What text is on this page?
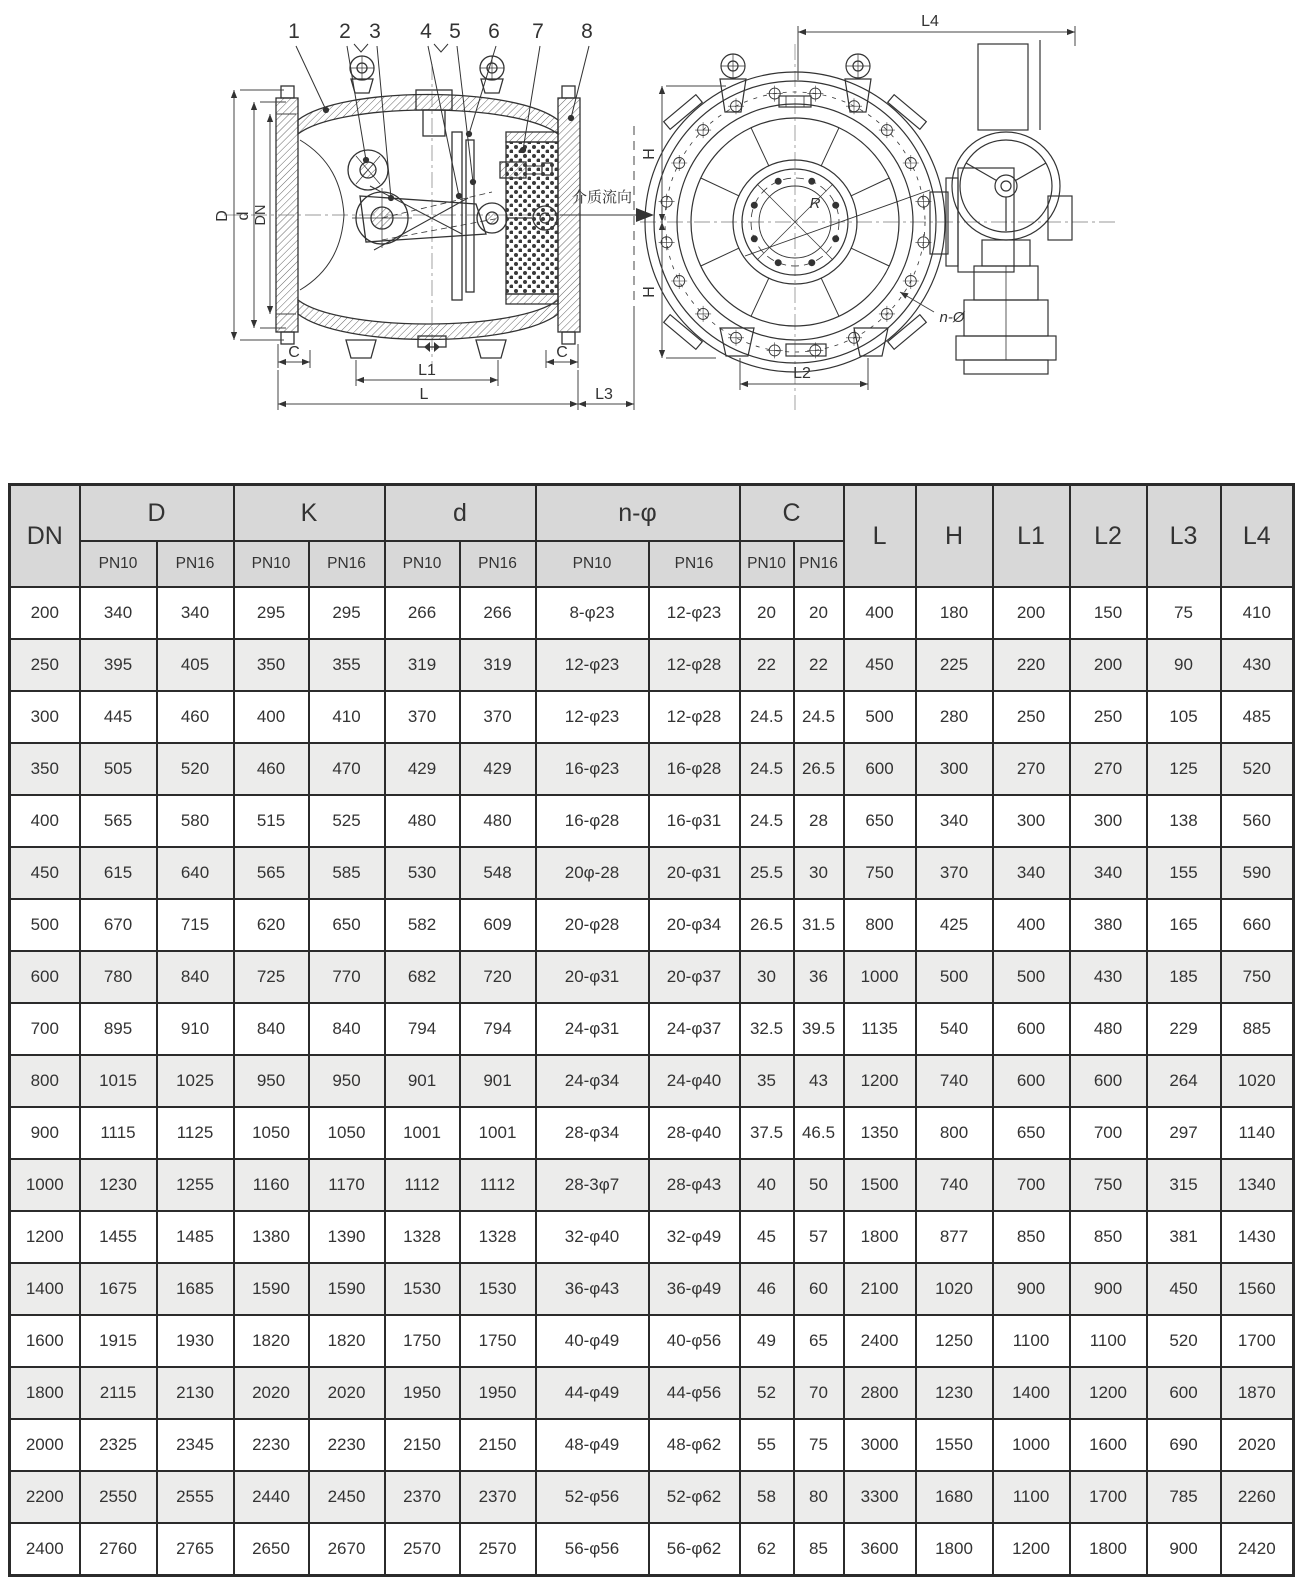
1 2 3 4 5 6 7 8
D d DN
C	C
L1
L	L3
介质流向
L4
H
H
L2
n-Ø
R
DN	D		K		d		n-φ		C		L	H	L1	L2	L3	L4
	PN10	PN16	PN10	PN16	PN10	PN16	PN10	PN16	PN10	PN16						
200	340	340	295	295	266	266	8-φ23	12-φ23	20	20	400	180	200	150	75	410
250	395	405	350	355	319	319	12-φ23	12-φ28	22	22	450	225	220	200	90	430
300	445	460	400	410	370	370	12-φ23	12-φ28	24.5	24.5	500	280	250	250	105	485
350	505	520	460	470	429	429	16-φ23	16-φ28	24.5	26.5	600	300	270	270	125	520
400	565	580	515	525	480	480	16-φ28	16-φ31	24.5	28	650	340	300	300	138	560
450	615	640	565	585	530	548	20φ-28	20-φ31	25.5	30	750	370	340	340	155	590
500	670	715	620	650	582	609	20-φ28	20-φ34	26.5	31.5	800	425	400	380	165	660
600	780	840	725	770	682	720	20-φ31	20-φ37	30	36	1000	500	500	430	185	750
700	895	910	840	840	794	794	24-φ31	24-φ37	32.5	39.5	1135	540	600	480	229	885
800	1015	1025	950	950	901	901	24-φ34	24-φ40	35	43	1200	740	600	600	264	1020
900	1115	1125	1050	1050	1001	1001	28-φ34	28-φ40	37.5	46.5	1350	800	650	700	297	1140
1000	1230	1255	1160	1170	1112	1112	28-3φ7	28-φ43	40	50	1500	740	700	750	315	1340
1200	1455	1485	1380	1390	1328	1328	32-φ40	32-φ49	45	57	1800	877	850	850	381	1430
1400	1675	1685	1590	1590	1530	1530	36-φ43	36-φ49	46	60	2100	1020	900	900	450	1560
1600	1915	1930	1820	1820	1750	1750	40-φ49	40-φ56	49	65	2400	1250	1100	1100	520	1700
1800	2115	2130	2020	2020	1950	1950	44-φ49	44-φ56	52	70	2800	1230	1400	1200	600	1870
2000	2325	2345	2230	2230	2150	2150	48-φ49	48-φ62	55	75	3000	1550	1000	1600	690	2020
2200	2550	2555	2440	2450	2370	2370	52-φ56	52-φ62	58	80	3300	1680	1100	1700	785	2260
2400	2760	2765	2650	2670	2570	2570	56-φ56	56-φ62	62	85	3600	1800	1200	1800	900	2420
